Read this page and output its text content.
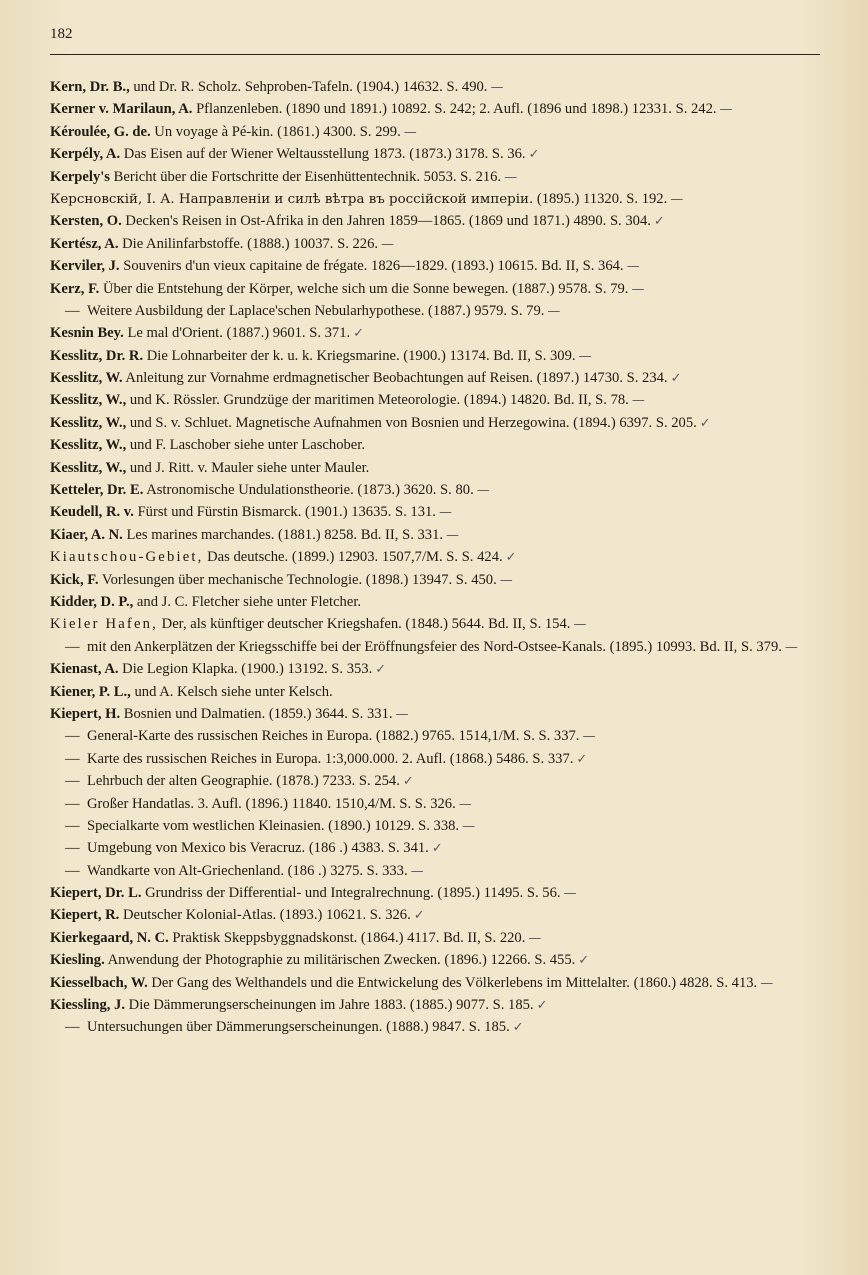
182
Kern, Dr. B., und Dr. R. Scholz. Sehproben-Tafeln. (1904.) 14632. S. 490. —
Kerner v. Marilaun, A. Pflanzenleben. (1890 und 1891.) 10892. S. 242; 2. Aufl. (1896 und 1898.) 12331. S. 242. —
Kéroulée, G. de. Un voyage à Pé-kin. (1861.) 4300. S. 299. —
Kerpély, A. Das Eisen auf der Wiener Weltausstellung 1873. (1873.) 3178. S. 36. ✓
Kerpely's Bericht über die Fortschritte der Eisenhüttentechnik. 5053. S. 216. —
Керсновскій, I. А. Направленіи и силѣ вѣтра въ россійской имперіи. (1895.) 11320. S. 192. —
Kersten, O. Decken's Reisen in Ost-Afrika in den Jahren 1859—1865. (1869 und 1871.) 4890. S. 304. ✓
Kertész, A. Die Anilinfarbstoffe. (1888.) 10037. S. 226. —
Kerviler, J. Souvenirs d'un vieux capitaine de frégate. 1826—1829. (1893.) 10615. Bd. II, S. 364. —
Kerz, F. Über die Entstehung der Körper, welche sich um die Sonne bewegen. (1887.) 9578. S. 79. —
— Weitere Ausbildung der Laplace'schen Nebularhypothese. (1887.) 9579. S. 79. —
Kesnin Bey. Le mal d'Orient. (1887.) 9601. S. 371. ✓
Kesslitz, Dr. R. Die Lohnarbeiter der k. u. k. Kriegsmarine. (1900.) 13174. Bd. II, S. 309. —
Kesslitz, W. Anleitung zur Vornahme erdmagnetischer Beobachtungen auf Reisen. (1897.) 14730. S. 234. ✓
Kesslitz, W., und K. Rössler. Grundzüge der maritimen Meteorologie. (1894.) 14820. Bd. II, S. 78. —
Kesslitz, W., und S. v. Schluet. Magnetische Aufnahmen von Bosnien und Herzegowina. (1894.) 6397. S. 205. ✓
Kesslitz, W., und F. Laschober siehe unter Laschober.
Kesslitz, W., und J. Ritt. v. Mauler siehe unter Mauler.
Ketteler, Dr. E. Astronomische Undulationstheorie. (1873.) 3620. S. 80. —
Keudell, R. v. Fürst und Fürstin Bismarck. (1901.) 13635. S. 131. —
Kiaer, A. N. Les marines marchandes. (1881.) 8258. Bd. II, S. 331. —
Kiautschou-Gebiet, Das deutsche. (1899.) 12903. 1507,7/M. S. S. 424. ✓
Kick, F. Vorlesungen über mechanische Technologie. (1898.) 13947. S. 450. —
Kidder, D. P., and J. C. Fletcher siehe unter Fletcher.
Kieler Hafen, Der, als künftiger deutscher Kriegshafen. (1848.) 5644. Bd. II, S. 154. —
— mit den Ankerplätzen der Kriegsschiffe bei der Eröffnungsfeier des Nord-Ostsee-Kanals. (1895.) 10993. Bd. II, S. 379. —
Kienast, A. Die Legion Klapka. (1900.) 13192. S. 353. ✓
Kiener, P. L., und A. Kelsch siehe unter Kelsch.
Kiepert, H. Bosnien und Dalmatien. (1859.) 3644. S. 331. —
— General-Karte des russischen Reiches in Europa. (1882.) 9765. 1514,1/M. S. S. 337. —
— Karte des russischen Reiches in Europa. 1:3,000.000. 2. Aufl. (1868.) 5486. S. 337. ✓
— Lehrbuch der alten Geographie. (1878.) 7233. S. 254. ✓
— Großer Handatlas. 3. Aufl. (1896.) 11840. 1510,4/M. S. S. 326. —
— Specialkarte vom westlichen Kleinasien. (1890.) 10129. S. 338. —
— Umgebung von Mexico bis Veracruz. (186 .) 4383. S. 341. ✓
— Wandkarte von Alt-Griechenland. (186 .) 3275. S. 333. —
Kiepert, Dr. L. Grundriss der Differential- und Integralrechnung. (1895.) 11495. S. 56. —
Kiepert, R. Deutscher Kolonial-Atlas. (1893.) 10621. S. 326. ✓
Kierkegaard, N. C. Praktisk Skeppsbyggnadskonst. (1864.) 4117. Bd. II, S. 220. —
Kiesling. Anwendung der Photographie zu militärischen Zwecken. (1896.) 12266. S. 455. ✓
Kiesselbach, W. Der Gang des Welthandels und die Entwickelung des Völkerlebens im Mittelalter. (1860.) 4828. S. 413. —
Kiessling, J. Die Dämmerungserscheinungen im Jahre 1883. (1885.) 9077. S. 185. ✓
— Untersuchungen über Dämmerungserscheinungen. (1888.) 9847. S. 185. ✓
